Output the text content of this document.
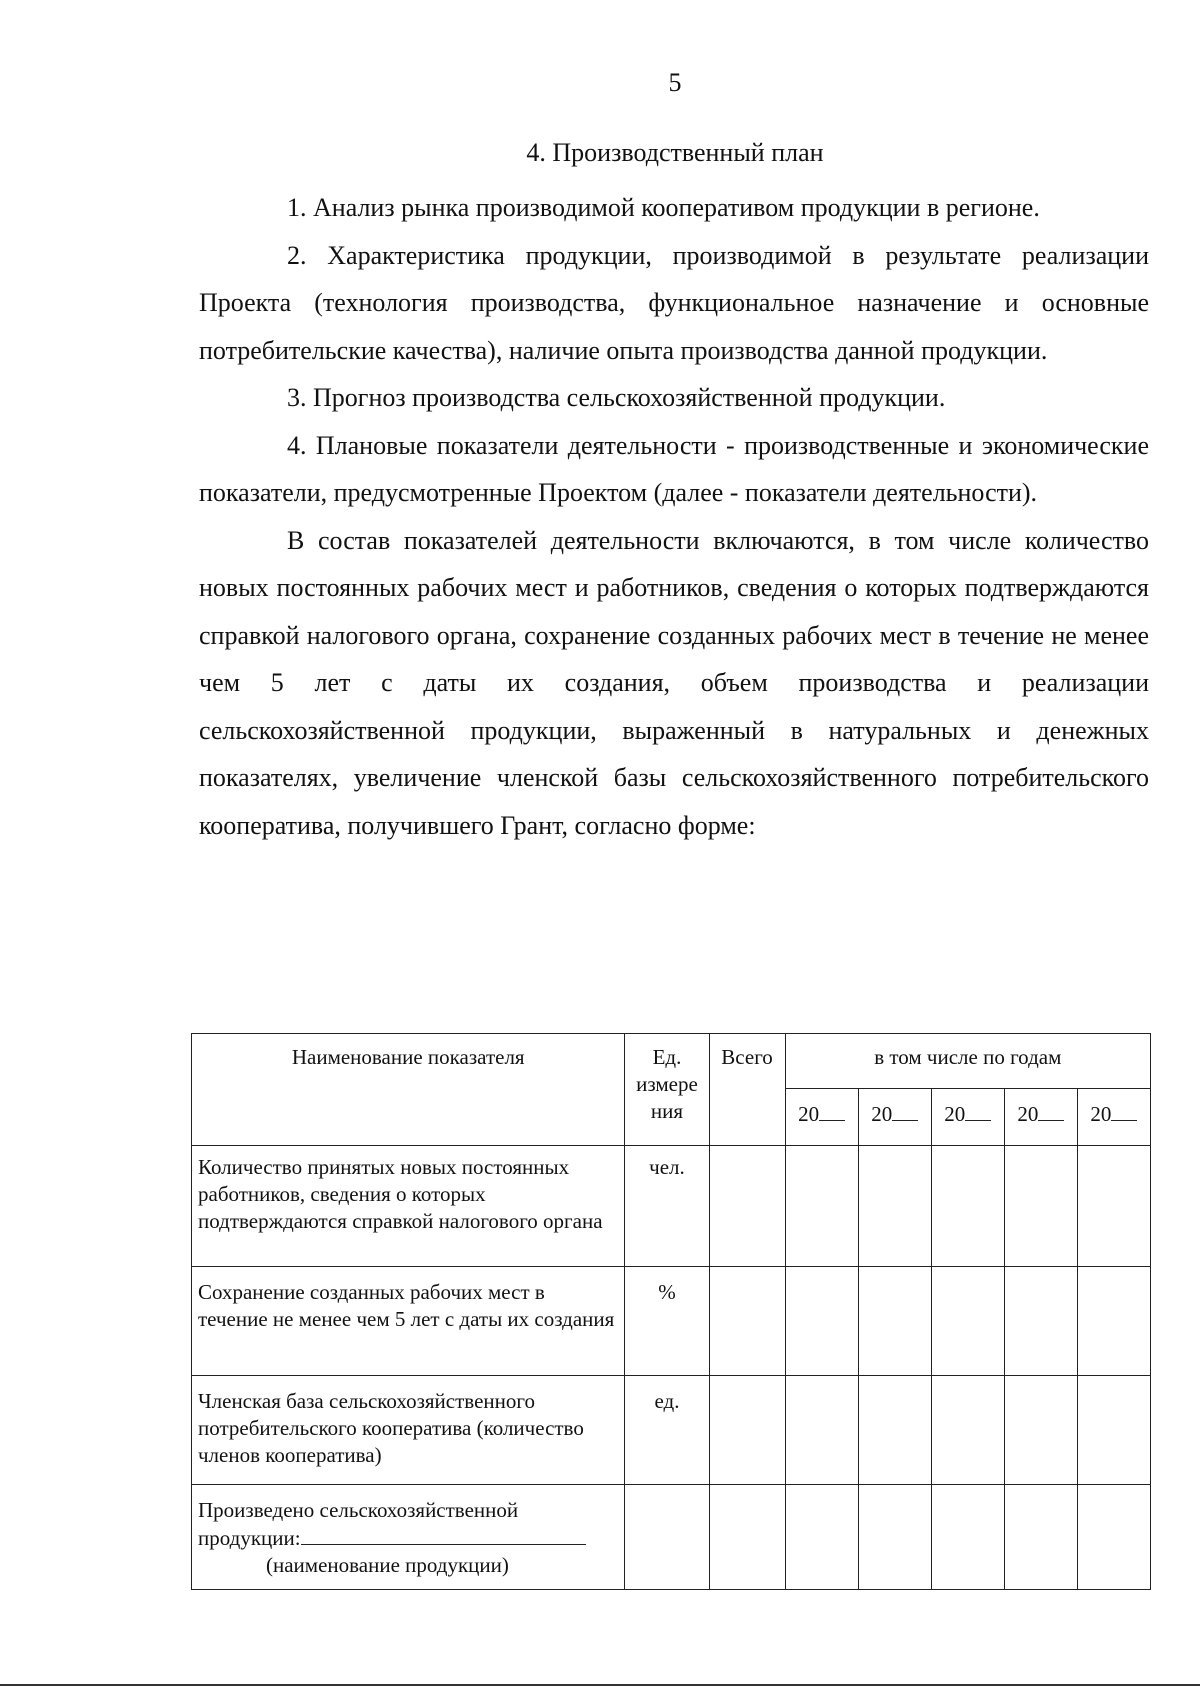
5
4. Производственный план

1. Анализ рынка производимой кооперативом продукции в регионе.

2. Характеристика продукции, производимой в результате реализации Проекта (технология производства, функциональное назначение и основные потребительские качества), наличие опыта производства данной продукции.

3. Прогноз производства сельскохозяйственной продукции.

4. Плановые показатели деятельности - производственные и экономические показатели, предусмотренные Проектом (далее - показатели деятельности).

В состав показателей деятельности включаются, в том числе количество новых постоянных рабочих мест и работников, сведения о которых подтверждаются справкой налогового органа, сохранение созданных рабочих мест в течение не менее чем 5 лет с даты их создания, объем производства и реализации сельскохозяйственной продукции, выраженный в натуральных и денежных показателях, увеличение членской базы сельскохозяйственного потребительского кооператива, получившего Грант, согласно форме:

Наименование показателя	Ед. измере ния	Всего	в том числе по годам				
			20	20	20	20	20
Количество принятых новых постоянных работников, сведения о которых подтверждаются справкой налогового органа	чел.						
Сохранение созданных рабочих мест в течение не менее чем 5 лет с даты их создания	%						
Членская база сельскохозяйственного потребительского кооператива (количество членов кооператива)	ед.						
Произведено сельскохозяйственной продукции:
(наименование продукции)							
